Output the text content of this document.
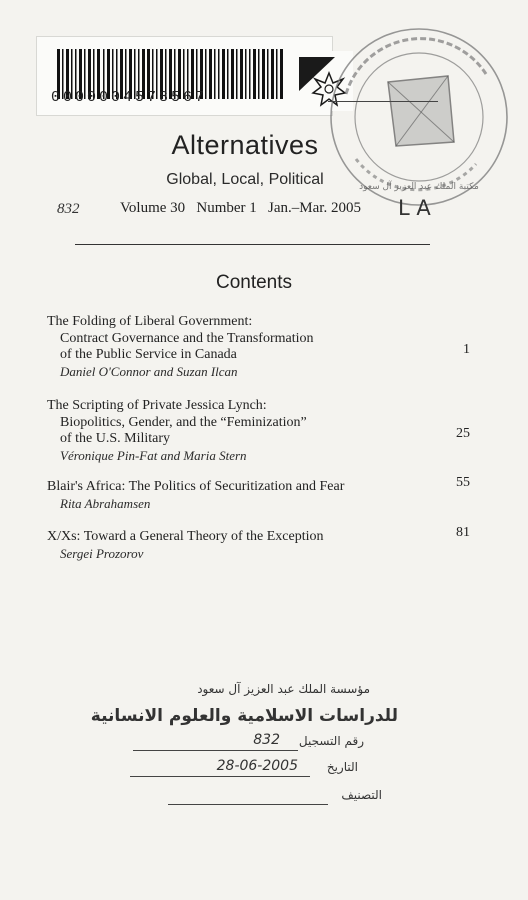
0000004578567
مكتبة الملك عبد العزيز آل سعود
Alternatives
Global, Local, Political
832	Volume 30   Number 1   Jan.–Mar. 2005 L A
Contents
The Folding of Liberal Government:
Contract Governance and the Transformation
of the Public Service in Canada
Daniel O'Connor and Suzan Ilcan
1
The Scripting of Private Jessica Lynch:
Biopolitics, Gender, and the “Feminization”
of the U.S. Military
Véronique Pin-Fat and Maria Stern
25
Blair's Africa: The Politics of Securitization and Fear
Rita Abrahamsen
55
X/Xs: Toward a General Theory of the Exception
Sergei Prozorov
81
مؤسسة الملك عبد العزيز آل سعود
للدراسات الاسلامية والعلوم الانسانية
رقم التسجيل
832
التاريخ
28-06-2005
التصنيف
